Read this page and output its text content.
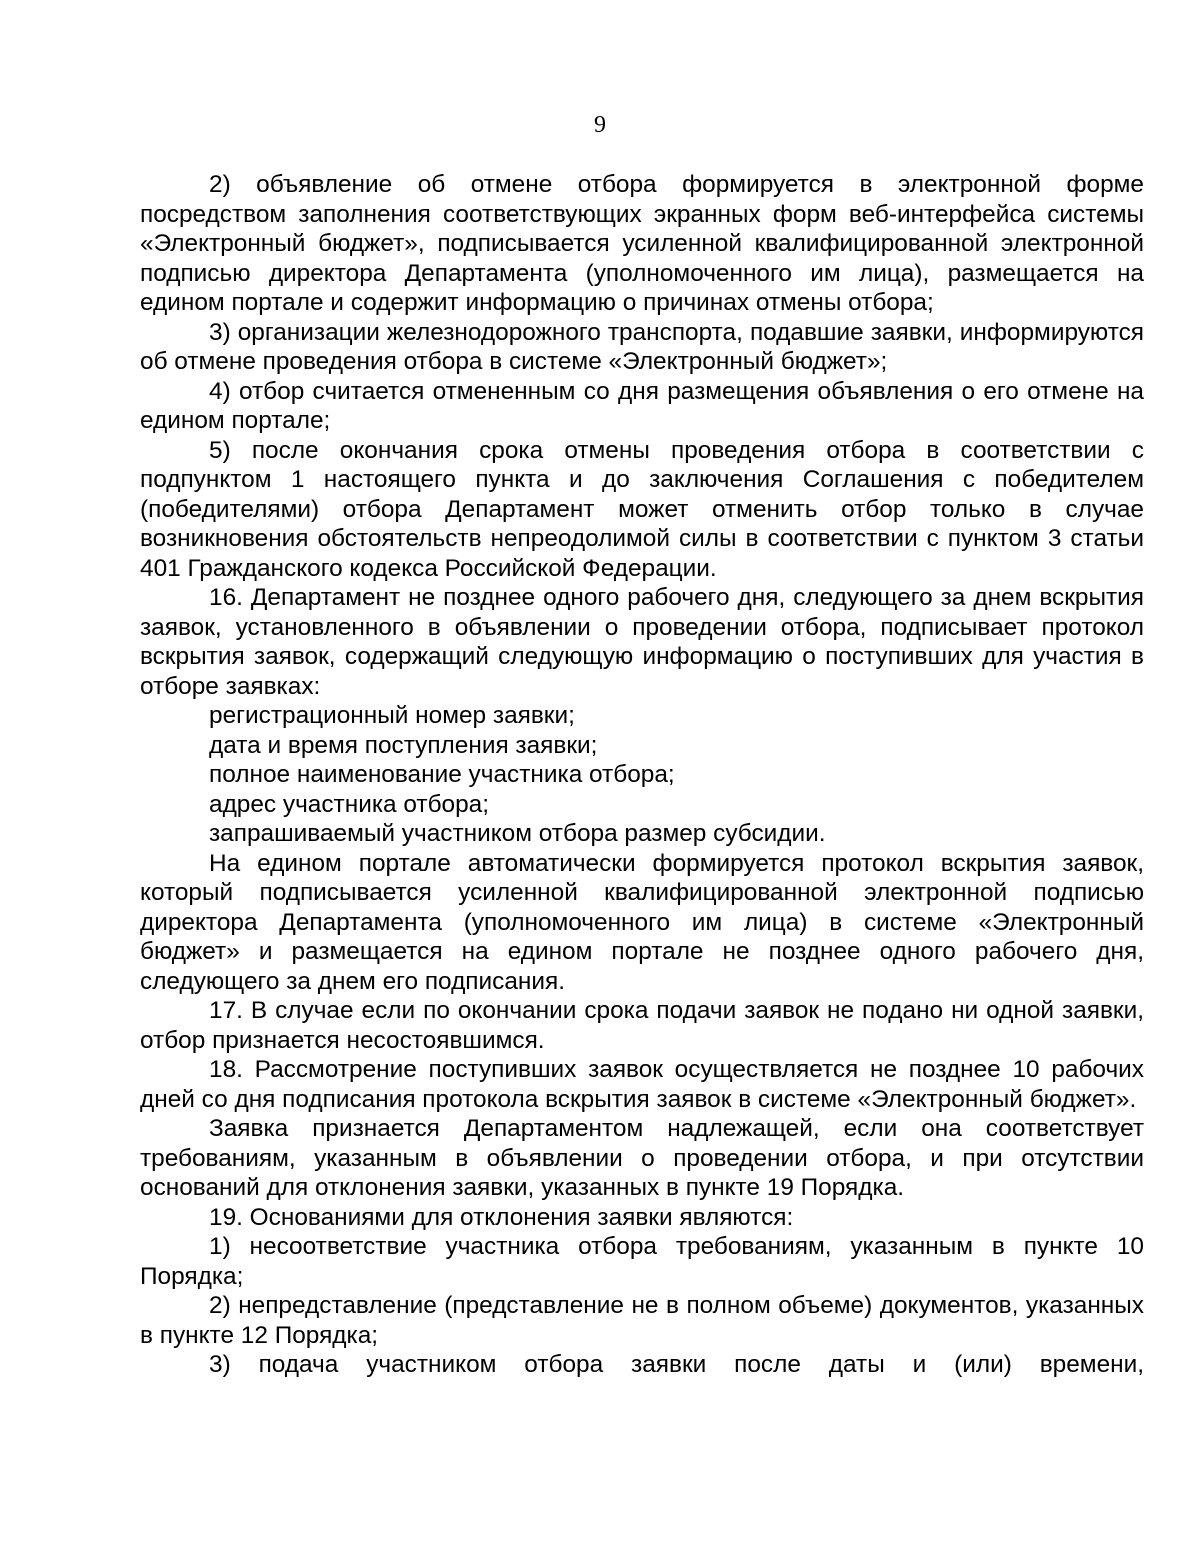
9

2) объявление об отмене отбора формируется в электронной форме посредством заполнения соответствующих экранных форм веб-интерфейса системы «Электронный бюджет», подписывается усиленной квалифицированной электронной подписью директора Департамента (уполномоченного им лица), размещается на едином портале и содержит информацию о причинах отмены отбора;

3) организации железнодорожного транспорта, подавшие заявки, информируются об отмене проведения отбора в системе «Электронный бюджет»;

4) отбор считается отмененным со дня размещения объявления о его отмене на едином портале;

5) после окончания срока отмены проведения отбора в соответствии с подпунктом 1 настоящего пункта и до заключения Соглашения с победителем (победителями) отбора Департамент может отменить отбор только в случае возникновения обстоятельств непреодолимой силы в соответствии с пунктом 3 статьи 401 Гражданского кодекса Российской Федерации.

16. Департамент не позднее одного рабочего дня, следующего за днем вскрытия заявок, установленного в объявлении о проведении отбора, подписывает протокол вскрытия заявок, содержащий следующую информацию о поступивших для участия в отборе заявках:

регистрационный номер заявки;

дата и время поступления заявки;

полное наименование участника отбора;

адрес участника отбора;

запрашиваемый участником отбора размер субсидии.

На едином портале автоматически формируется протокол вскрытия заявок, который подписывается усиленной квалифицированной электронной подписью директора Департамента (уполномоченного им лица) в системе «Электронный бюджет» и размещается на едином портале не позднее одного рабочего дня, следующего за днем его подписания.

17. В случае если по окончании срока подачи заявок не подано ни одной заявки, отбор признается несостоявшимся.

18. Рассмотрение поступивших заявок осуществляется не позднее 10 рабочих дней со дня подписания протокола вскрытия заявок в системе «Электронный бюджет».

Заявка признается Департаментом надлежащей, если она соответствует требованиям, указанным в объявлении о проведении отбора, и при отсутствии оснований для отклонения заявки, указанных в пункте 19 Порядка.

19. Основаниями для отклонения заявки являются:

1) несоответствие участника отбора требованиям, указанным в пункте 10 Порядка;

2) непредставление (представление не в полном объеме) документов, указанных в пункте 12 Порядка;

3) подача участником отбора заявки после даты и (или) времени,
